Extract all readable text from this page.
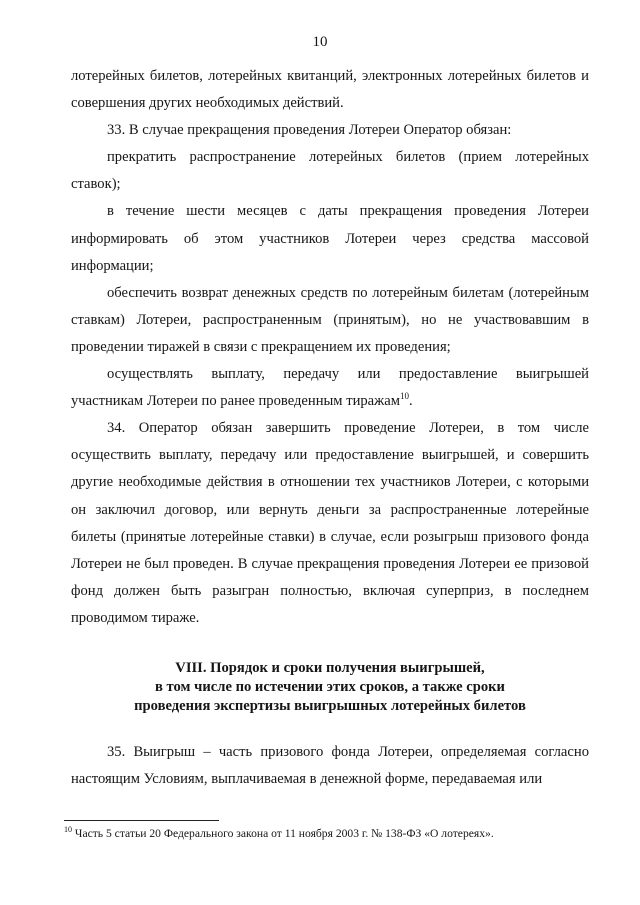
10

лотерейных билетов, лотерейных квитанций, электронных лотерейных билетов и совершения других необходимых действий.

33. В случае прекращения проведения Лотереи Оператор обязан:

прекратить распространение лотерейных билетов (прием лотерейных ставок);

в течение шести месяцев с даты прекращения проведения Лотереи информировать об этом участников Лотереи через средства массовой информации;

обеспечить возврат денежных средств по лотерейным билетам (лотерейным ставкам) Лотереи, распространенным (принятым), но не участвовавшим в проведении тиражей в связи с прекращением их проведения;

осуществлять выплату, передачу или предоставление выигрышей участникам Лотереи по ранее проведенным тиражам$^{10}$.

34. Оператор обязан завершить проведение Лотереи, в том числе осуществить выплату, передачу или предоставление выигрышей, и совершить другие необходимые действия в отношении тех участников Лотереи, с которыми он заключил договор, или вернуть деньги за распространенные лотерейные билеты (принятые лотерейные ставки) в случае, если розыгрыш призового фонда Лотереи не был проведен. В случае прекращения проведения Лотереи ее призовой фонд должен быть разыгран полностью, включая суперприз, в последнем проводимом тираже.

VIII. Порядок и сроки получения выигрышей,
в том числе по истечении этих сроков, а также сроки
проведения экспертизы выигрышных лотерейных билетов

35. Выигрыш – часть призового фонда Лотереи, определяемая согласно настоящим Условиям, выплачиваемая в денежной форме, передаваемая или

$^{10}$ Часть 5 статьи 20 Федерального закона от 11 ноября 2003 г. № 138-ФЗ «О лотереях».
